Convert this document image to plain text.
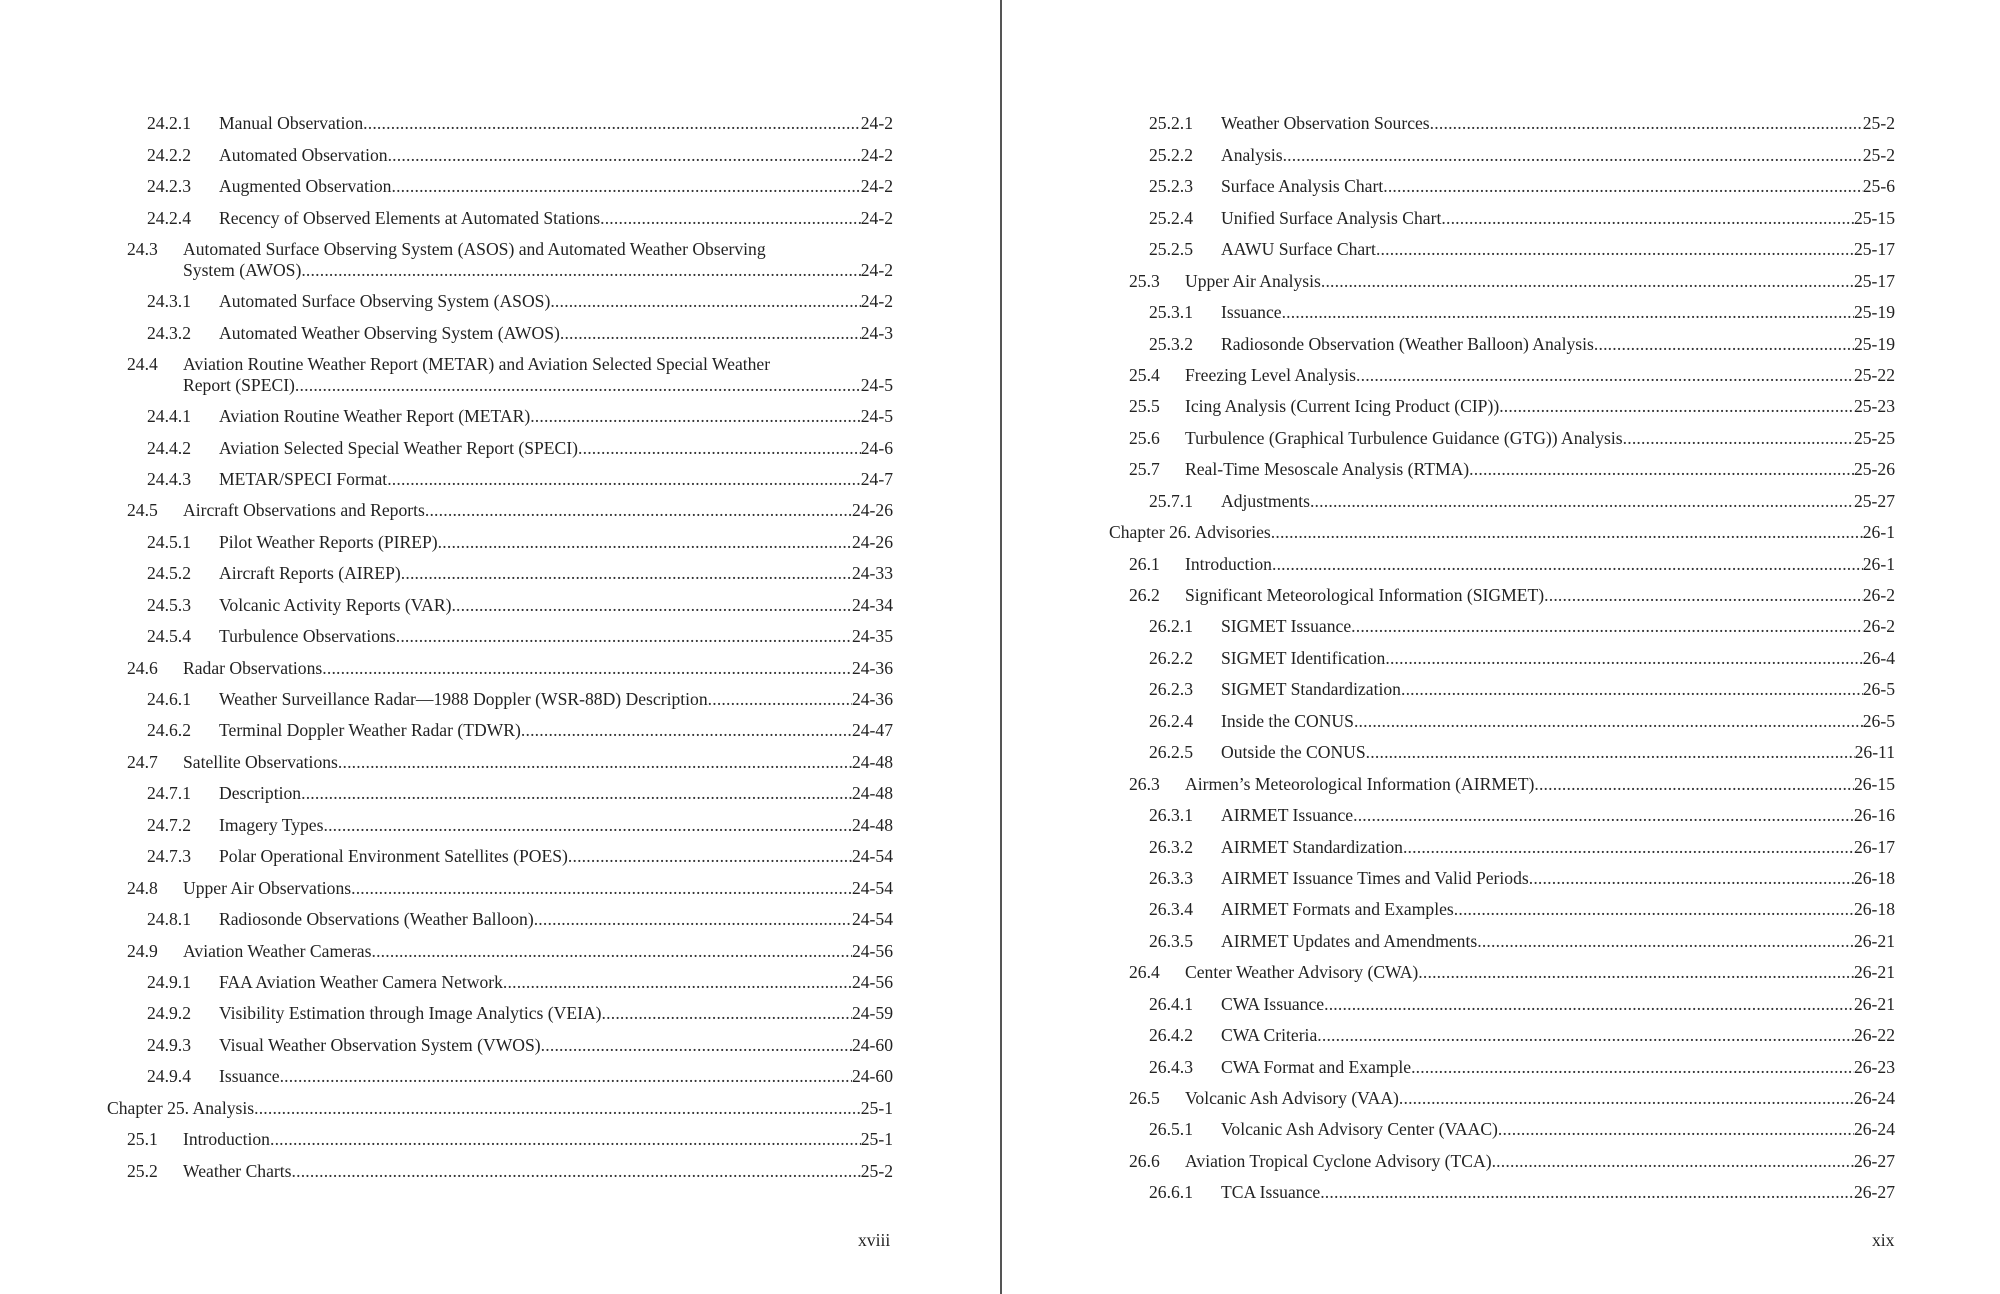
24.2.1	Manual Observation .....	24-2
24.2.2	Automated Observation .....	24-2
24.2.3	Augmented Observation .....	24-2
24.2.4	Recency of Observed Elements at Automated Stations .....	24-2
24.3	Automated Surface Observing System (ASOS) and Automated Weather Observing
System (AWOS) .....	24-2
24.3.1	Automated Surface Observing System (ASOS) .....	24-2
24.3.2	Automated Weather Observing System (AWOS) .....	24-3
24.4	Aviation Routine Weather Report (METAR) and Aviation Selected Special Weather
Report (SPECI) .....	24-5
24.4.1	Aviation Routine Weather Report (METAR) .....	24-5
24.4.2	Aviation Selected Special Weather Report (SPECI) .....	24-6
24.4.3	METAR/SPECI Format .....	24-7
24.5	Aircraft Observations and Reports .....	24-26
24.5.1	Pilot Weather Reports (PIREP) .....	24-26
24.5.2	Aircraft Reports (AIREP) .....	24-33
24.5.3	Volcanic Activity Reports (VAR) .....	24-34
24.5.4	Turbulence Observations .....	24-35
24.6	Radar Observations .....	24-36
24.6.1	Weather Surveillance Radar—1988 Doppler (WSR-88D) Description .....	24-36
24.6.2	Terminal Doppler Weather Radar (TDWR) .....	24-47
24.7	Satellite Observations .....	24-48
24.7.1	Description .....	24-48
24.7.2	Imagery Types .....	24-48
24.7.3	Polar Operational Environment Satellites (POES) .....	24-54
24.8	Upper Air Observations .....	24-54
24.8.1	Radiosonde Observations (Weather Balloon) .....	24-54
24.9	Aviation Weather Cameras .....	24-56
24.9.1	FAA Aviation Weather Camera Network .....	24-56
24.9.2	Visibility Estimation through Image Analytics (VEIA) .....	24-59
24.9.3	Visual Weather Observation System (VWOS) .....	24-60
24.9.4	Issuance .....	24-60
Chapter 25. Analysis .....	25-1
25.1	Introduction .....	25-1
25.2	Weather Charts .....	25-2
xviii
25.2.1	Weather Observation Sources .....	25-2
25.2.2	Analysis .....	25-2
25.2.3	Surface Analysis Chart .....	25-6
25.2.4	Unified Surface Analysis Chart .....	25-15
25.2.5	AAWU Surface Chart .....	25-17
25.3	Upper Air Analysis .....	25-17
25.3.1	Issuance .....	25-19
25.3.2	Radiosonde Observation (Weather Balloon) Analysis .....	25-19
25.4	Freezing Level Analysis .....	25-22
25.5	Icing Analysis (Current Icing Product (CIP)) .....	25-23
25.6	Turbulence (Graphical Turbulence Guidance (GTG)) Analysis .....	25-25
25.7	Real-Time Mesoscale Analysis (RTMA) .....	25-26
25.7.1	Adjustments .....	25-27
Chapter 26. Advisories .....	26-1
26.1	Introduction .....	26-1
26.2	Significant Meteorological Information (SIGMET) .....	26-2
26.2.1	SIGMET Issuance .....	26-2
26.2.2	SIGMET Identification .....	26-4
26.2.3	SIGMET Standardization .....	26-5
26.2.4	Inside the CONUS .....	26-5
26.2.5	Outside the CONUS .....	26-11
26.3	Airmen’s Meteorological Information (AIRMET) .....	26-15
26.3.1	AIRMET Issuance .....	26-16
26.3.2	AIRMET Standardization .....	26-17
26.3.3	AIRMET Issuance Times and Valid Periods .....	26-18
26.3.4	AIRMET Formats and Examples .....	26-18
26.3.5	AIRMET Updates and Amendments .....	26-21
26.4	Center Weather Advisory (CWA) .....	26-21
26.4.1	CWA Issuance .....	26-21
26.4.2	CWA Criteria .....	26-22
26.4.3	CWA Format and Example .....	26-23
26.5	Volcanic Ash Advisory (VAA) .....	26-24
26.5.1	Volcanic Ash Advisory Center (VAAC) .....	26-24
26.6	Aviation Tropical Cyclone Advisory (TCA) .....	26-27
26.6.1	TCA Issuance .....	26-27
xix
